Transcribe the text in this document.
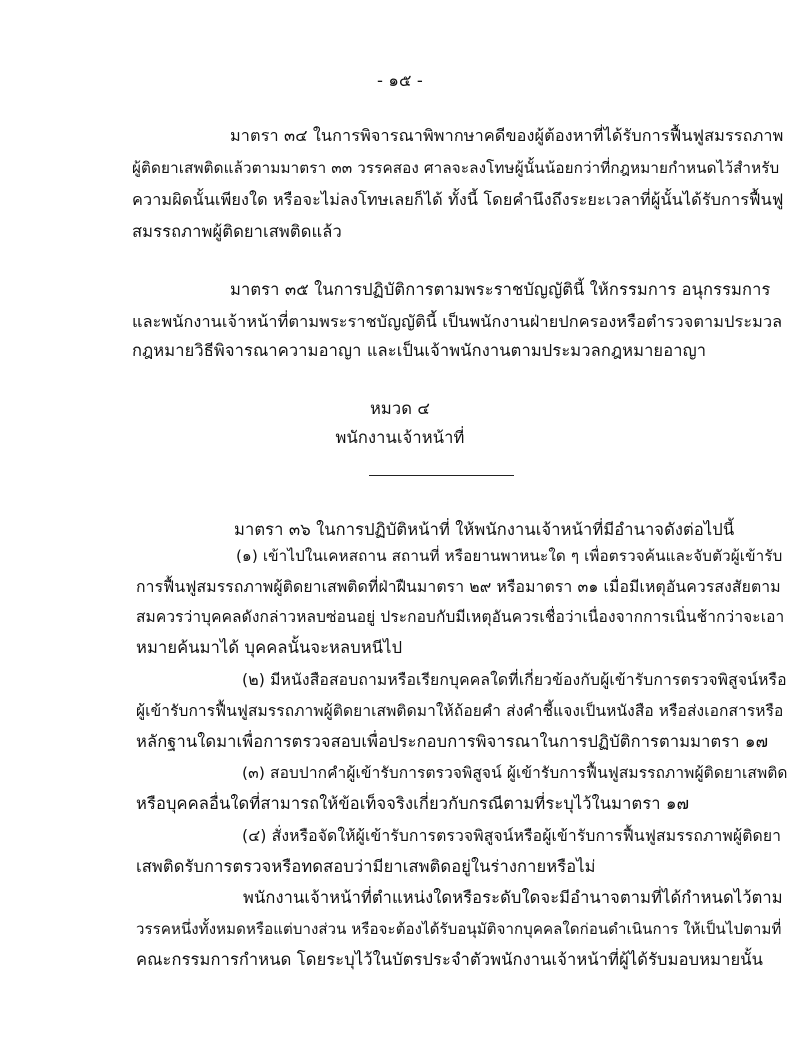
- ๑๕ -
มาตรา ๓๔ ในการพิจารณาพิพากษาคดีของผู้ต้องหาที่ได้รับการฟื้นฟูสมรรถภาพ
ผู้ติดยาเสพติดแล้วตามมาตรา ๓๓ วรรคสอง ศาลจะลงโทษผู้นั้นน้อยกว่าที่กฎหมายกำหนดไว้สำหรับ
ความผิดนั้นเพียงใด หรือจะไม่ลงโทษเลยก็ได้ ทั้งนี้ โดยคำนึงถึงระยะเวลาที่ผู้นั้นได้รับการฟื้นฟู
สมรรถภาพผู้ติดยาเสพติดแล้ว
มาตรา ๓๕ ในการปฏิบัติการตามพระราชบัญญัตินี้ ให้กรรมการ อนุกรรมการ
และพนักงานเจ้าหน้าที่ตามพระราชบัญญัตินี้ เป็นพนักงานฝ่ายปกครองหรือตำรวจตามประมวล
กฎหมายวิธีพิจารณาความอาญา และเป็นเจ้าพนักงานตามประมวลกฎหมายอาญา
หมวด ๔
พนักงานเจ้าหน้าที่
มาตรา ๓๖ ในการปฏิบัติหน้าที่ ให้พนักงานเจ้าหน้าที่มีอำนาจดังต่อไปนี้
(๑) เข้าไปในเคหสถาน สถานที่ หรือยานพาหนะใด ๆ เพื่อตรวจค้นและจับตัวผู้เข้ารับ
การฟื้นฟูสมรรถภาพผู้ติดยาเสพติดที่ฝ่าฝืนมาตรา ๒๙ หรือมาตรา ๓๑ เมื่อมีเหตุอันควรสงสัยตาม
สมควรว่าบุคคลดังกล่าวหลบซ่อนอยู่ ประกอบกับมีเหตุอันควรเชื่อว่าเนื่องจากการเนิ่นช้ากว่าจะเอา
หมายค้นมาได้ บุคคลนั้นจะหลบหนีไป
(๒) มีหนังสือสอบถามหรือเรียกบุคคลใดที่เกี่ยวข้องกับผู้เข้ารับการตรวจพิสูจน์หรือ
ผู้เข้ารับการฟื้นฟูสมรรถภาพผู้ติดยาเสพติดมาให้ถ้อยคำ ส่งคำชี้แจงเป็นหนังสือ หรือส่งเอกสารหรือ
หลักฐานใดมาเพื่อการตรวจสอบเพื่อประกอบการพิจารณาในการปฏิบัติการตามมาตรา ๑๗
(๓) สอบปากคำผู้เข้ารับการตรวจพิสูจน์ ผู้เข้ารับการฟื้นฟูสมรรถภาพผู้ติดยาเสพติด
หรือบุคคลอื่นใดที่สามารถให้ข้อเท็จจริงเกี่ยวกับกรณีตามที่ระบุไว้ในมาตรา ๑๗
(๔) สั่งหรือจัดให้ผู้เข้ารับการตรวจพิสูจน์หรือผู้เข้ารับการฟื้นฟูสมรรถภาพผู้ติดยา
เสพติดรับการตรวจหรือทดสอบว่ามียาเสพติดอยู่ในร่างกายหรือไม่
พนักงานเจ้าหน้าที่ตำแหน่งใดหรือระดับใดจะมีอำนาจตามที่ได้กำหนดไว้ตาม
วรรคหนึ่งทั้งหมดหรือแต่บางส่วน หรือจะต้องได้รับอนุมัติจากบุคคลใดก่อนดำเนินการ ให้เป็นไปตามที่
คณะกรรมการกำหนด โดยระบุไว้ในบัตรประจำตัวพนักงานเจ้าหน้าที่ผู้ได้รับมอบหมายนั้น
